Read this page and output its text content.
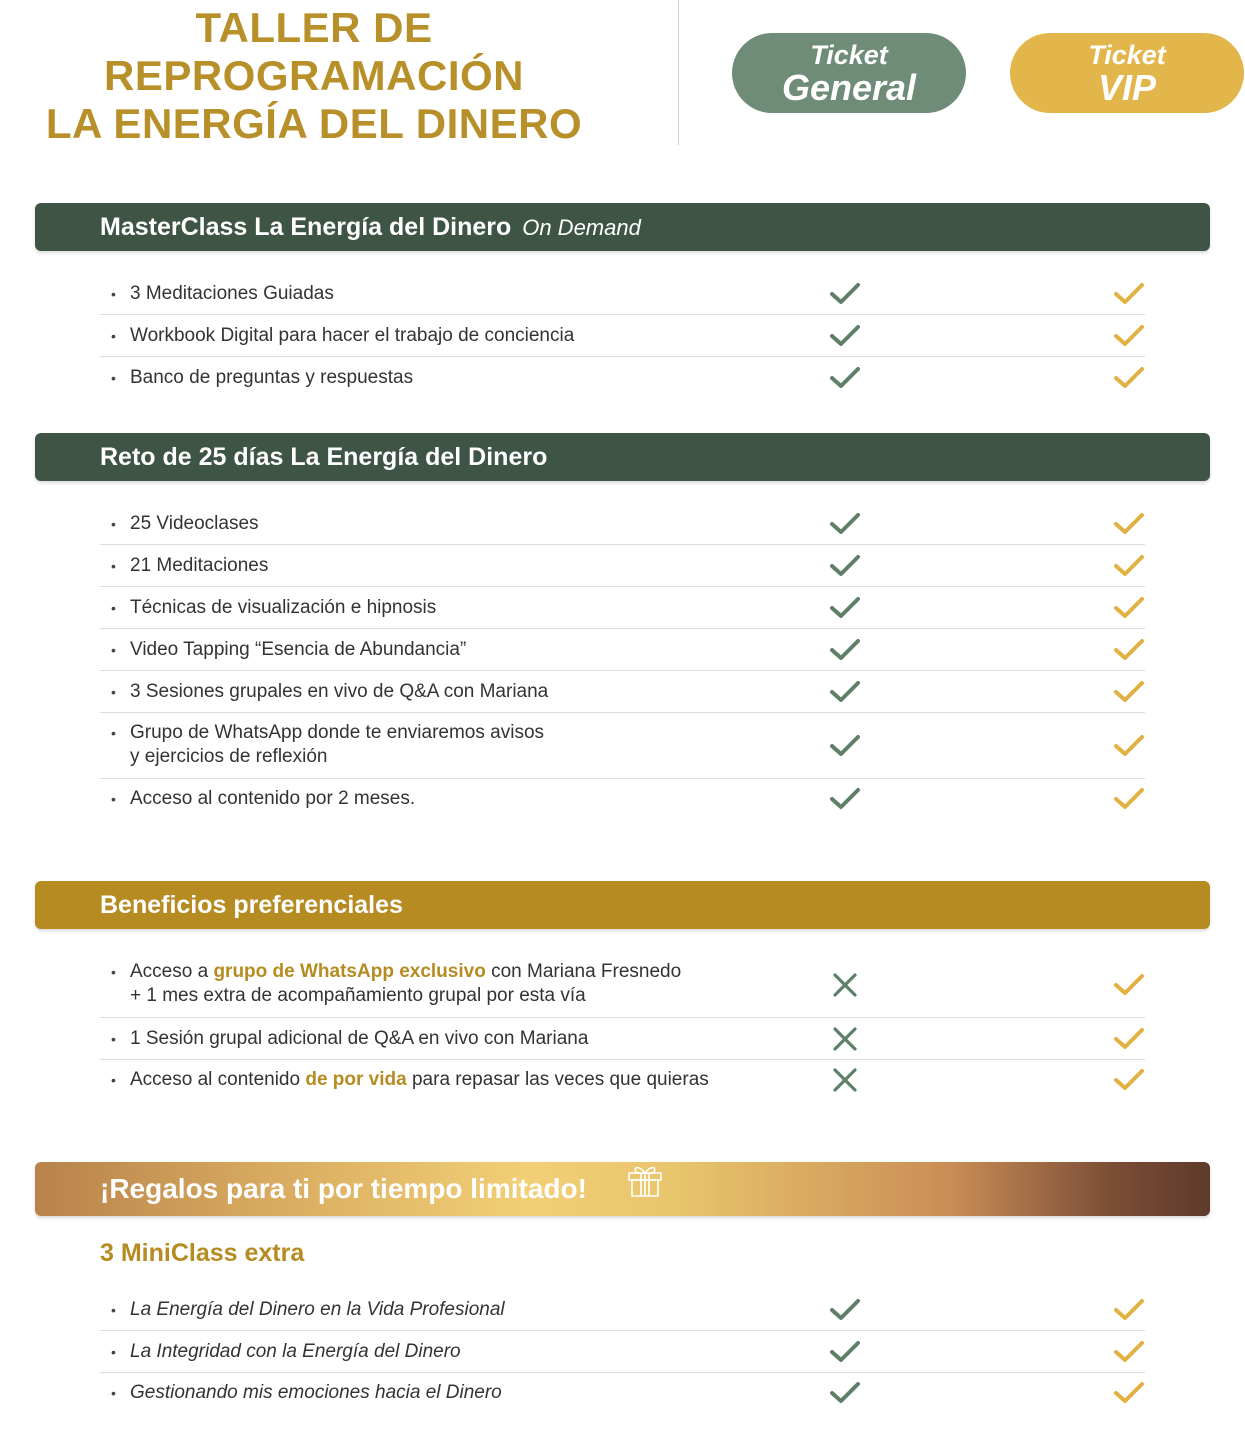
TALLER DE
REPROGRAMACIÓN
LA ENERGÍA DEL DINERO
Ticket
General
Ticket
VIP
MasterClass La Energía del Dinero On Demand
• 3 Meditaciones Guiadas
• Workbook Digital para hacer el trabajo de conciencia
• Banco de preguntas y respuestas
Reto de 25 días La Energía del Dinero
• 25 Videoclases
• 21 Meditaciones
• Técnicas de visualización e hipnosis
• Video Tapping “Esencia de Abundancia”
• 3 Sesiones grupales en vivo de Q&A con Mariana
• Grupo de WhatsApp donde te enviaremos avisos
y ejercicios de reflexión
• Acceso al contenido por 2 meses.
Beneficios preferenciales
• Acceso a grupo de WhatsApp exclusivo con Mariana Fresnedo
+ 1 mes extra de acompañamiento grupal por esta vía
• 1 Sesión grupal adicional de Q&A en vivo con Mariana
• Acceso al contenido de por vida para repasar las veces que quieras
¡Regalos para ti por tiempo limitado!
3 MiniClass extra
• La Energía del Dinero en la Vida Profesional
• La Integridad con la Energía del Dinero
• Gestionando mis emociones hacia el Dinero
